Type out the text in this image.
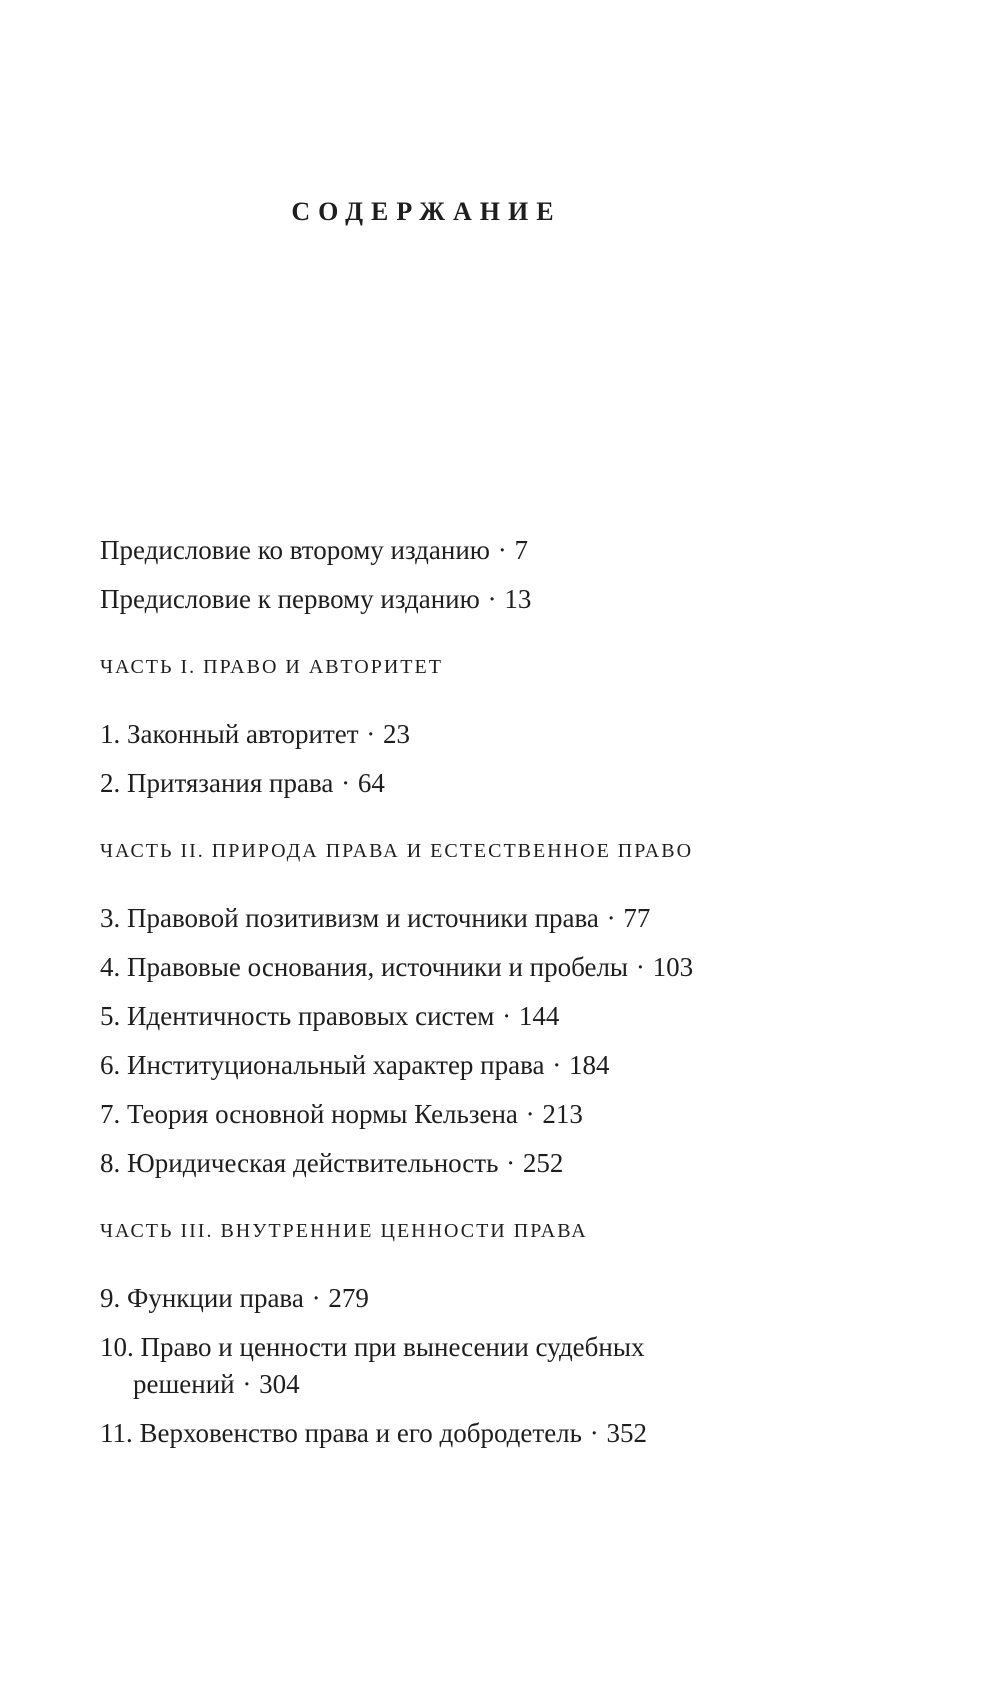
СОДЕРЖАНИЕ

Предисловие ко второму изданию · 7

Предисловие к первому изданию · 13

ЧАСТЬ I. ПРАВО И АВТОРИТЕТ

1. Законный авторитет · 23

2. Притязания права · 64

ЧАСТЬ II. ПРИРОДА ПРАВА И ЕСТЕСТВЕННОЕ ПРАВО

3. Правовой позитивизм и источники права · 77

4. Правовые основания, источники и пробелы · 103

5. Идентичность правовых систем · 144

6. Институциональный характер права · 184

7. Теория основной нормы Кельзена · 213

8. Юридическая действительность · 252

ЧАСТЬ III. ВНУТРЕННИЕ ЦЕННОСТИ ПРАВА

9. Функции права · 279

10. Право и ценности при вынесении судебных решений · 304

11. Верховенство права и его добродетель · 352
